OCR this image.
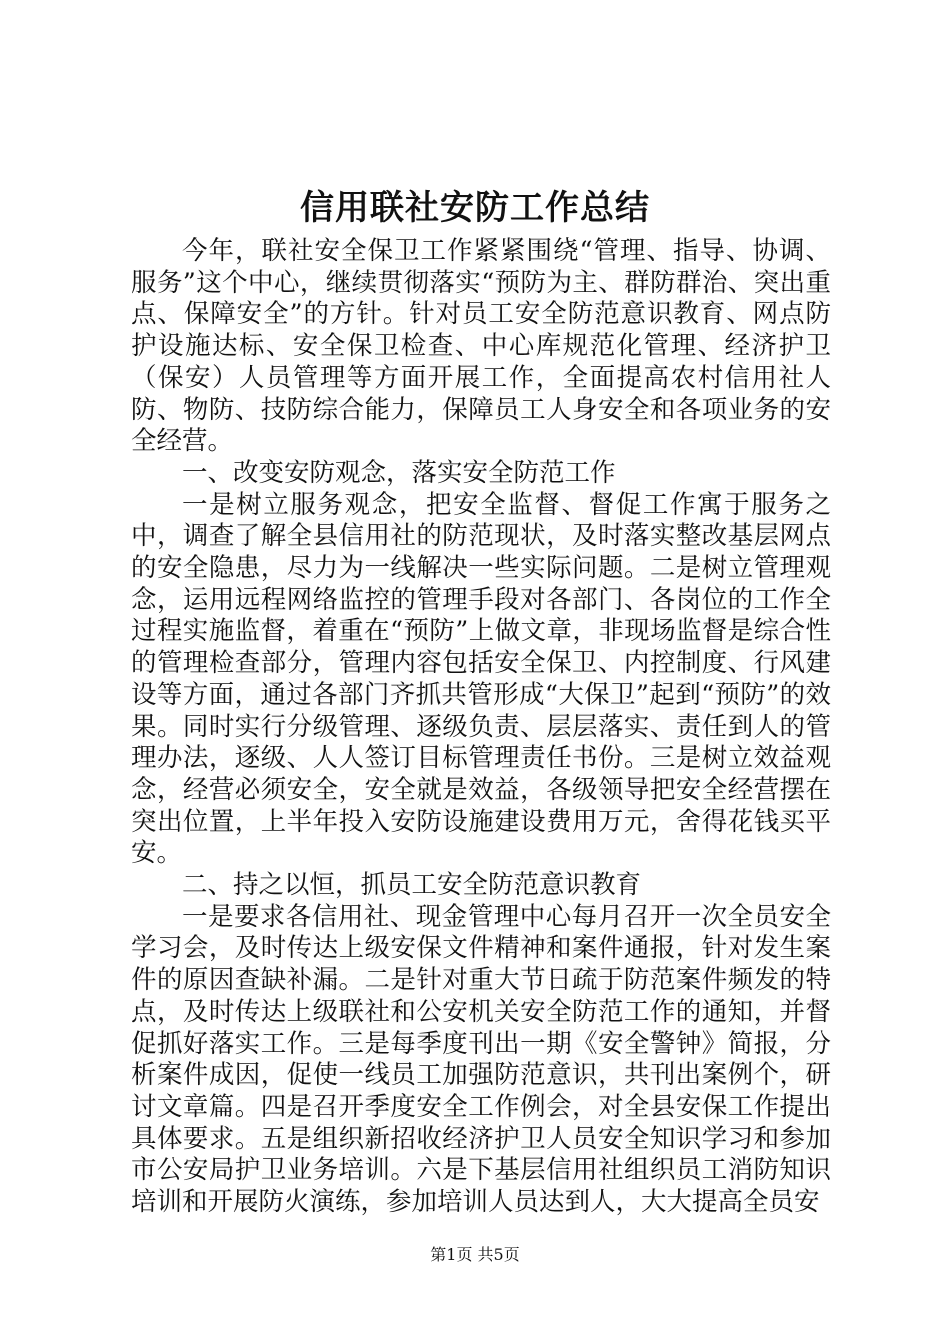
信用联社安防工作总结

今年，联社安全保卫工作紧紧围绕“管理、指导、协调、服务”这个中心，继续贯彻落实“预防为主、群防群治、突出重点、保障安全”的方针。针对员工安全防范意识教育、网点防护设施达标、安全保卫检查、中心库规范化管理、经济护卫（保安）人员管理等方面开展工作，全面提高农村信用社人防、物防、技防综合能力，保障员工人身安全和各项业务的安全经营。

一、改变安防观念，落实安全防范工作

一是树立服务观念，把安全监督、督促工作寓于服务之中，调查了解全县信用社的防范现状，及时落实整改基层网点的安全隐患，尽力为一线解决一些实际问题。二是树立管理观念，运用远程网络监控的管理手段对各部门、各岗位的工作全过程实施监督，着重在“预防”上做文章，非现场监督是综合性的管理检查部分，管理内容包括安全保卫、内控制度、行风建设等方面，通过各部门齐抓共管形成“大保卫”起到“预防”的效果。同时实行分级管理、逐级负责、层层落实、责任到人的管理办法，逐级、人人签订目标管理责任书份。三是树立效益观念，经营必须安全，安全就是效益，各级领导把安全经营摆在突出位置，上半年投入安防设施建设费用万元，舍得花钱买平安。

二、持之以恒，抓员工安全防范意识教育

一是要求各信用社、现金管理中心每月召开一次全员安全学习会，及时传达上级安保文件精神和案件通报，针对发生案件的原因查缺补漏。二是针对重大节日疏于防范案件频发的特点，及时传达上级联社和公安机关安全防范工作的通知，并督促抓好落实工作。三是每季度刊出一期《安全警钟》简报，分析案件成因，促使一线员工加强防范意识，共刊出案例个，研讨文章篇。四是召开季度安全工作例会，对全县安保工作提出具体要求。五是组织新招收经济护卫人员安全知识学习和参加市公安局护卫业务培训。六是下基层信用社组织员工消防知识培训和开展防火演练，参加培训人员达到人，大大提高全员安

第1页 共5页
